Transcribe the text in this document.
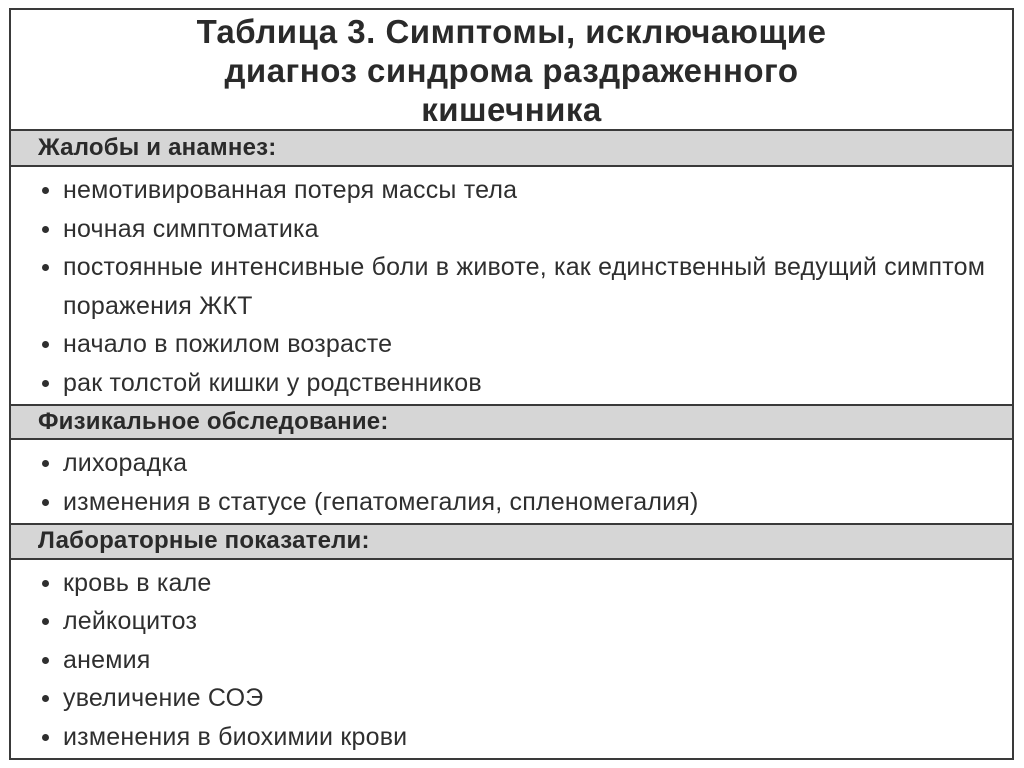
Таблица 3. Симптомы, исключающие
диагноз синдрома раздраженного
кишечника
Жалобы и анамнез:
немотивированная потеря массы тела
ночная симптоматика
постоянные интенсивные боли в животе, как единственный ведущий симптом поражения ЖКТ
начало в пожилом возрасте
рак толстой кишки у родственников
Физикальное обследование:
лихорадка
изменения в статусе (гепатомегалия, спленомегалия)
Лабораторные показатели:
кровь в кале
лейкоцитоз
анемия
увеличение СОЭ
изменения в биохимии крови
